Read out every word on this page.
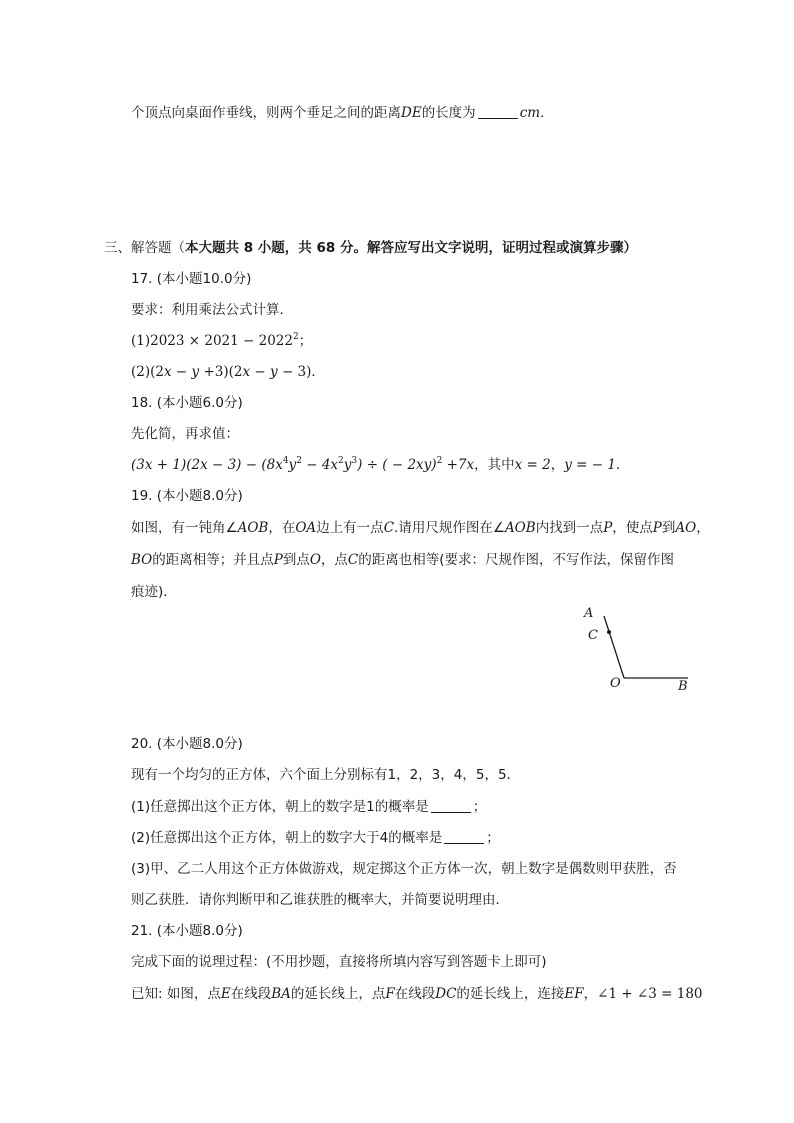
个顶点向桌面作垂线，则两个垂足之间的距离DE的长度为	cm.
三、解答题（本大题共 8 小题，共 68 分。解答应写出文字说明，证明过程或演算步骤）
17. (本小题10.0分)
要求：利用乘法公式计算．
$(1)2023 \times 2021 - 2022^2$；
(2)(2x − y +3)(2x − y − 3)．
18. (本小题6.0分)
先化简，再求值：
$(3x + 1)(2x - 3) - (8x^4y^2 - 4x^2y^3)$ ÷ ( − 2xy)$^2$ +7x，其中x = 2，y = − 1．
19. (本小题8.0分)
如图，有一钝角∠AOB，在OA边上有一点C.请用尺规作图在∠AOB内找到一点P，使点P到AO，
BO的距离相等；并且点P到点O，点C的距离也相等(要求：尺规作图，不写作法，保留作图
痕迹)．
A
C
O	B
20. (本小题8.0分)
现有一个均匀的正方体，六个面上分别标有1，2，3，4，5，5．
(1)任意掷出这个正方体，朝上的数字是1的概率是	；
(2)任意掷出这个正方体，朝上的数字大于4的概率是	；
(3)甲、乙二人用这个正方体做游戏，规定掷这个正方体一次，朝上数字是偶数则甲获胜，否
则乙获胜．请你判断甲和乙谁获胜的概率大，并简要说明理由．
21. (本小题8.0分)
完成下面的说理过程：(不用抄题，直接将所填内容写到答题卡上即可)
已知: 如图，点E在线段BA的延长线上，点F在线段DC的延长线上，连接EF，∠1 + ∠3 = 180
